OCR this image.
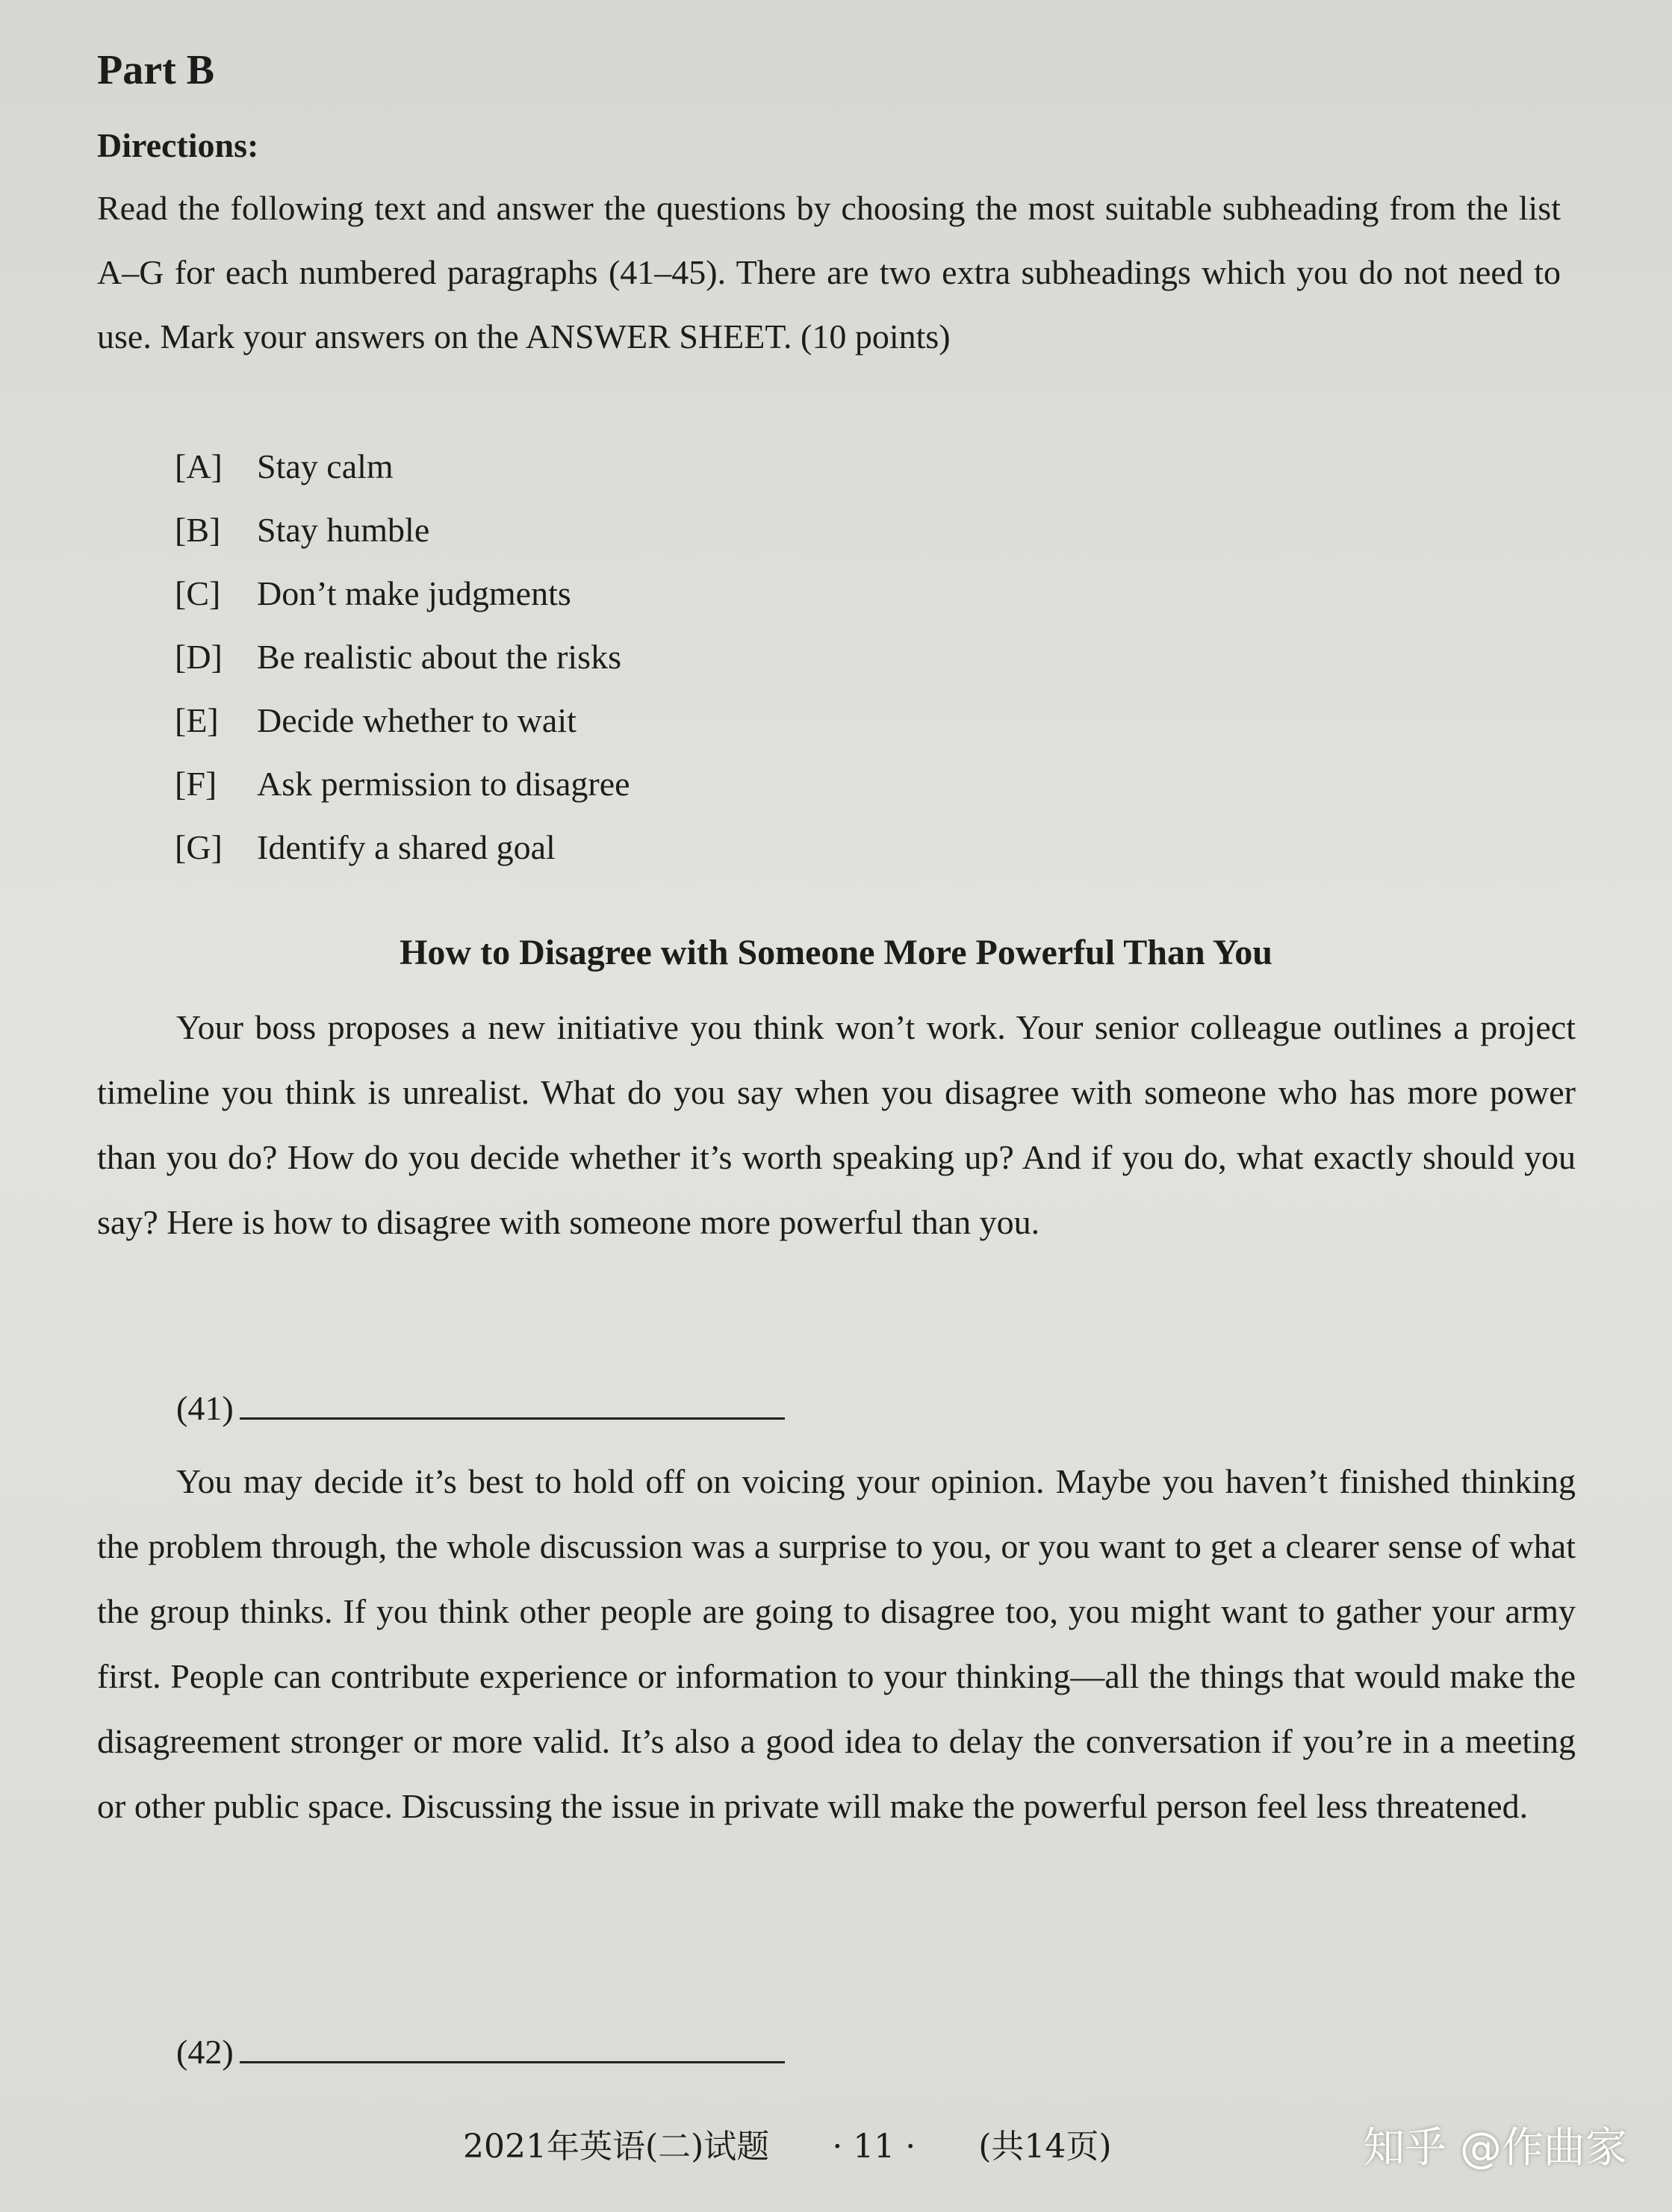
Part B
Directions:
Read the following text and answer the questions by choosing the most suitable subheading from the list A–G for each numbered paragraphs (41–45). There are two extra subheadings which you do not need to use. Mark your answers on the ANSWER SHEET. (10 points)
[A] Stay calm
[B] Stay humble
[C] Don’t make judgments
[D] Be realistic about the risks
[E] Decide whether to wait
[F] Ask permission to disagree
[G] Identify a shared goal
How to Disagree with Someone More Powerful Than You

Your boss proposes a new initiative you think won’t work. Your senior colleague outlines a project timeline you think is unrealist. What do you say when you disagree with someone who has more power than you do? How do you decide whether it’s worth speaking up? And if you do, what exactly should you say? Here is how to disagree with someone more powerful than you.

(41)

You may decide it’s best to hold off on voicing your opinion. Maybe you haven’t finished thinking the problem through, the whole discussion was a surprise to you, or you want to get a clearer sense of what the group thinks. If you think other people are going to disagree too, you might want to gather your army first. People can contribute experience or information to your thinking—all the things that would make the disagreement stronger or more valid. It’s also a good idea to delay the conversation if you’re in a meeting or other public space. Discussing the issue in private will make the powerful person feel less threatened.

(42)
2021年英语(二)试题 · 11 · (共14页)	知乎 @作曲家
